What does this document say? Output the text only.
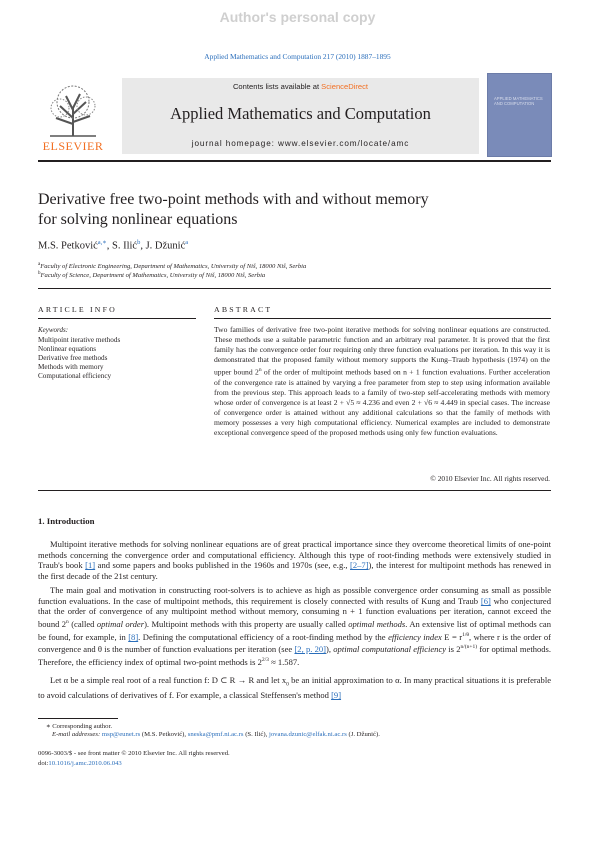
Author's personal copy
Applied Mathematics and Computation 217 (2010) 1887–1895
ELSEVIER
Contents lists available at ScienceDirect
Applied Mathematics and Computation
journal homepage: www.elsevier.com/locate/amc
APPLIED MATHEMATICS AND COMPUTATION
Derivative free two-point methods with and without memory
for solving nonlinear equations
M.S. Petković$^{a,∗}$, S. Ilić$^b$, J. Džunić$^a$
$^a$Faculty of Electronic Engineering, Department of Mathematics, University of Niš, 18000 Niš, Serbia
$^b$Faculty of Science, Department of Mathematics, University of Niš, 18000 Niš, Serbia
ARTICLE INFO
Keywords:
Multipoint iterative methods
Nonlinear equations
Derivative free methods
Methods with memory
Computational efficiency
ABSTRACT
Two families of derivative free two-point iterative methods for solving nonlinear equations are constructed. These methods use a suitable parametric function and an arbitrary real parameter. It is proved that the first family has the convergence order four requiring only three function evaluations per iteration. In this way it is demonstrated that the proposed family without memory supports the Kung–Traub hypothesis (1974) on the upper bound 2$^n$ of the order of multipoint methods based on n + 1 function evaluations. Further acceleration of the convergence rate is attained by varying a free parameter from step to step using information available from the previous step. This approach leads to a family of two-step self-accelerating methods with memory whose order of convergence is at least 2 + √5 ≈ 4.236 and even 2 + √6 ≈ 4.449 in special cases. The increase of convergence order is attained without any additional calculations so that the family of methods with memory possesses a very high computational efficiency. Numerical examples are included to demonstrate exceptional convergence speed of the proposed methods using only few function evaluations.
© 2010 Elsevier Inc. All rights reserved.
1. Introduction
Multipoint iterative methods for solving nonlinear equations are of great practical importance since they overcome theoretical limits of one-point methods concerning the convergence order and computational efficiency. Although this type of root-finding methods were extensively studied in Traub's book [1] and some papers and books published in the 1960s and 1970s (see, e.g., [2–7]), the interest for multipoint methods has renewed in the first decade of the 21st century.
The main goal and motivation in constructing root-solvers is to achieve as high as possible convergence order consuming as small as possible function evaluations. In the case of multipoint methods, this requirement is closely connected with results of Kung and Traub [6] who conjectured that the order of convergence of any multipoint method without memory, consuming n + 1 function evaluations per iteration, cannot exceed the bound 2$^n$ (called optimal order). Multipoint methods with this property are usually called optimal methods. An extensive list of optimal methods can be found, for example, in [8]. Defining the computational efficiency of a root-finding method by the efficiency index $E = r^{1/\theta}$, where r is the order of convergence and θ is the number of function evaluations per iteration (see [2, p. 20]), optimal computational efficiency is $2^{n/(n+1)}$ for optimal methods. Therefore, the efficiency index of optimal two-point methods is $2^{2/3} \approx 1.587$.
Let α be a simple real root of a real function f: D ⊂ R → R and let $x_0$ be an initial approximation to α. In many practical situations it is preferable to avoid calculations of derivatives of f. For example, a classical Steffensen's method [9]
∗ Corresponding author.
E-mail addresses: msp@eunet.rs (M.S. Petković), sneska@pmf.ni.ac.rs (S. Ilić), jovana.dzunic@elfak.ni.ac.rs (J. Džunić).
0096-3003/$ - see front matter © 2010 Elsevier Inc. All rights reserved.
doi:10.1016/j.amc.2010.06.043
